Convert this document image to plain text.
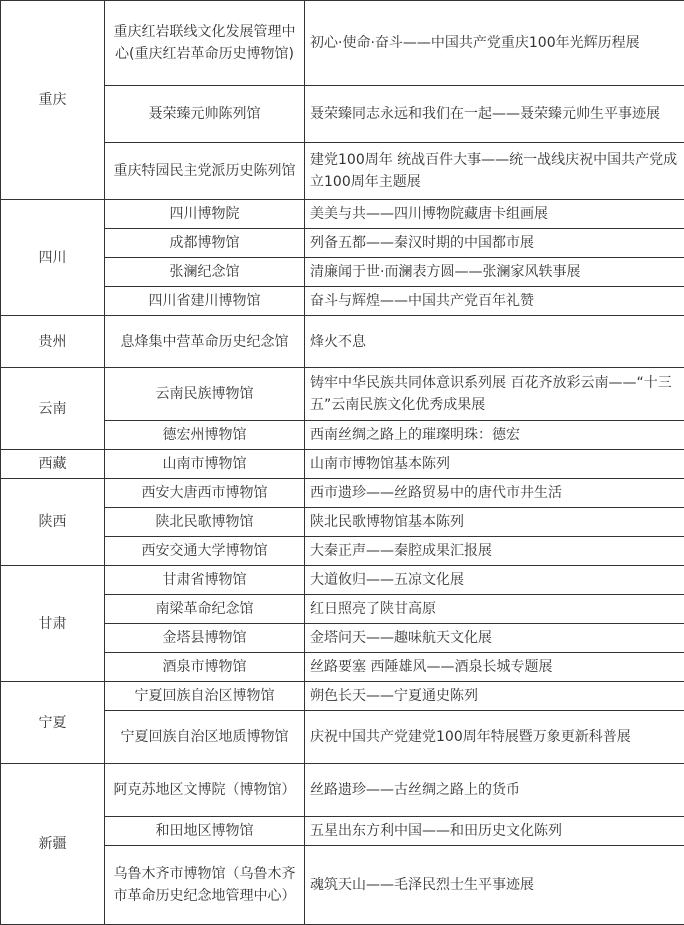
重庆	重庆红岩联线文化发展管理中心(重庆红岩革命历史博物馆)	初心·使命·奋斗——中国共产党重庆100年光辉历程展
	聂荣臻元帅陈列馆	聂荣臻同志永远和我们在一起——聂荣臻元帅生平事迹展
	重庆特园民主党派历史陈列馆	建党100周年 统战百件大事——统一战线庆祝中国共产党成立100周年主题展
四川	四川博物院	美美与共——四川博物院藏唐卡组画展
	成都博物馆	列备五都——秦汉时期的中国都市展
	张澜纪念馆	清廉闻于世·而澜表方圆——张澜家风轶事展
	四川省建川博物馆	奋斗与辉煌——中国共产党百年礼赞
贵州	息烽集中营革命历史纪念馆	烽火不息
云南	云南民族博物馆	铸牢中华民族共同体意识系列展 百花齐放彩云南——“十三五”云南民族文化优秀成果展
	德宏州博物馆	西南丝绸之路上的璀璨明珠：德宏
西藏	山南市博物馆	山南市博物馆基本陈列
陕西	西安大唐西市博物馆	西市遗珍——丝路贸易中的唐代市井生活
	陕北民歌博物馆	陕北民歌博物馆基本陈列
	西安交通大学博物馆	大秦正声——秦腔成果汇报展
甘肃	甘肃省博物馆	大道攸归——五凉文化展
	南梁革命纪念馆	红日照亮了陕甘高原
	金塔县博物馆	金塔问天——趣味航天文化展
	酒泉市博物馆	丝路要塞 西陲雄风——酒泉长城专题展
宁夏	宁夏回族自治区博物馆	朔色长天——宁夏通史陈列
	宁夏回族自治区地质博物馆	庆祝中国共产党建党100周年特展暨万象更新科普展
新疆	阿克苏地区文博院（博物馆）	丝路遗珍——古丝绸之路上的货币
	和田地区博物馆	五星出东方利中国——和田历史文化陈列
	乌鲁木齐市博物馆（乌鲁木齐市革命历史纪念地管理中心）	魂筑天山——毛泽民烈士生平事迹展
